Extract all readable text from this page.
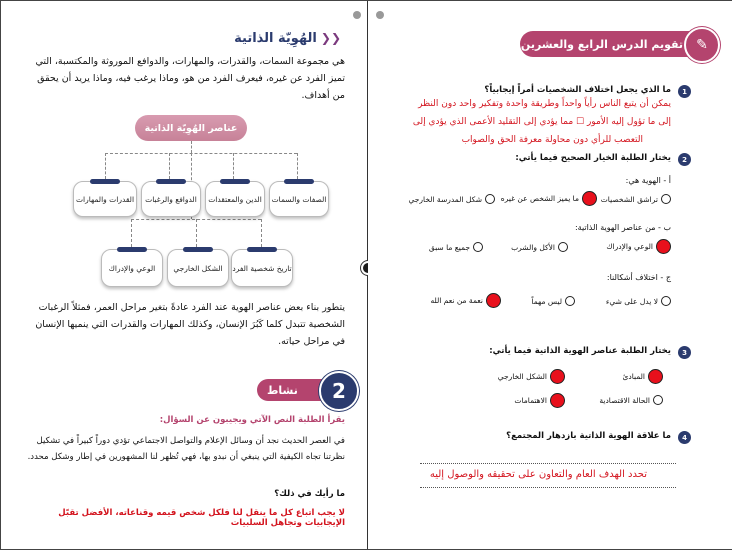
❮❮الهُوِيّة الذاتية
هي مجموعة السمات، والقدرات، والمهارات، والدوافع الموروثة والمكتسبة، التي تميز الفرد عن غيره، فيعرف الفرد من هو، وماذا يرغب فيه، وماذا يريد أن يحقق من أهداف.
عناصر الهُوِيّة الذاتية
الصفات والسمات
الدين والمعتقدات
الدوافع والرغبات
القدرات والمهارات
تاريخ شخصية الفرد
الشكل الخارجي
الوعي والإدراك
يتطور بناء بعض عناصر الهوية عند الفرد عادةً بتغير مراحل العمر، فمثلاً الرغبات الشخصية تتبدل كلما كَبُرَ الإنسان، وكذلك المهارات والقدرات التي ينميها الإنسان في مراحل حياته.
نشاط	2
يقرأ الطلبة النص الآتي ويجيبون عن السؤال:
في العصر الحديث نجد أن وسائل الإعلام والتواصل الاجتماعي تؤدي دوراً كبيراً في تشكيل نظرتنا تجاه الكيفية التي ينبغي أن نبدو بها، فهي تُظهر لنا المشهورين في إطار وشكل محدد.
ما رأيك في ذلك؟
لا يجب اتباع كل ما ينقل لنا فلكل شخص قيمه وقناعاته، الأفضل تقبّل الإيجابيات وتجاهل السلبيات
تقويم الدرس الرابع والعشرين ✎
1
ما الذي يجعل اختلاف الشخصيات أمراً إيجابياً؟
يمكن أن يتبع الناس رأياً واحداً وطريقة واحدة وتفكير واحد دون النظر
إلى ما تؤول إليه الأمور ☐ مما يؤدي إلى التقليد الأعمى الذي يؤدي إلى
التعصب للرأي دون محاولة معرفة الحق والصواب
2
يختار الطلبة الخيار الصحيح فيما يأتي:
أ - الهوية هي:
تراشق الشخصيات
ما يميز الشخص عن غيره
شكل المدرسة الخارجي
ب - من عناصر الهوية الذاتية:
الوعي والإدراك
الأكل والشرب
جميع ما سبق
ج - اختلاف أشكالنا:
لا يدل على شيء
ليس مهماً
نعمة من نعم الله
3
يختار الطلبة عناصر الهوية الذاتية فيما يأتي:
المبادئ
الشكل الخارجي
الحالة الاقتصادية
الاهتمامات
4
ما علاقة الهوية الذاتية بازدهار المجتمع؟
تحدد الهدف العام والتعاون على تحقيقه والوصول إليه
